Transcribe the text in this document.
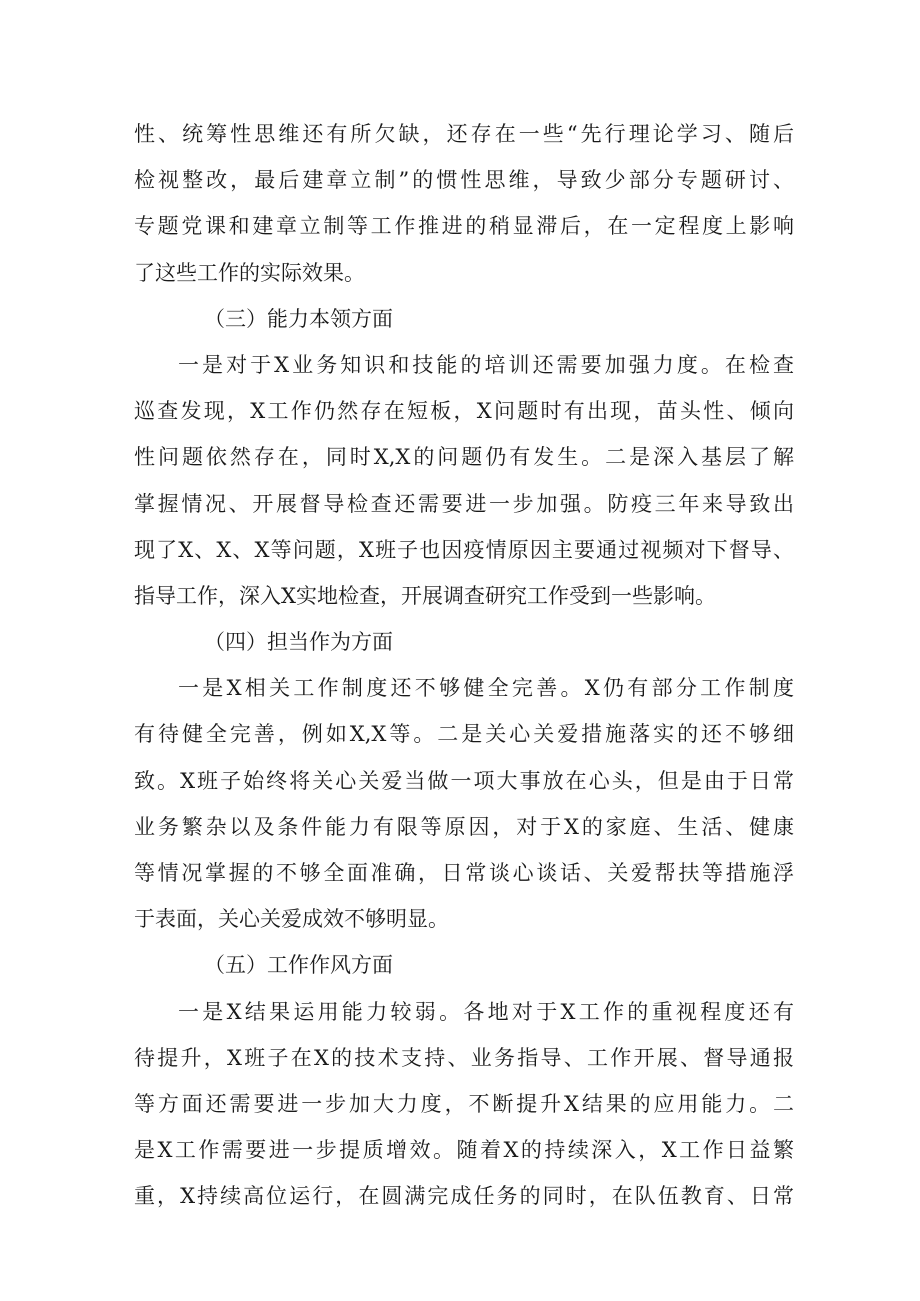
性、统筹性思维还有所欠缺，还存在一些“先行理论学习、随后
检视整改，最后建章立制”的惯性思维，导致少部分专题研讨、
专题党课和建章立制等工作推进的稍显滞后，在一定程度上影响
了这些工作的实际效果。
（三）能力本领方面
一是对于X业务知识和技能的培训还需要加强力度。在检查
巡查发现，X工作仍然存在短板，X问题时有出现，苗头性、倾向
性问题依然存在，同时X,X的问题仍有发生。二是深入基层了解
掌握情况、开展督导检查还需要进一步加强。防疫三年来导致出
现了X、X、X等问题，X班子也因疫情原因主要通过视频对下督导、
指导工作，深入X实地检查，开展调查研究工作受到一些影响。
（四）担当作为方面
一是X相关工作制度还不够健全完善。X仍有部分工作制度
有待健全完善，例如X,X等。二是关心关爱措施落实的还不够细
致。X班子始终将关心关爱当做一项大事放在心头，但是由于日常
业务繁杂以及条件能力有限等原因，对于X的家庭、生活、健康
等情况掌握的不够全面准确，日常谈心谈话、关爱帮扶等措施浮
于表面，关心关爱成效不够明显。
（五）工作作风方面
一是X结果运用能力较弱。各地对于X工作的重视程度还有
待提升，X班子在X的技术支持、业务指导、工作开展、督导通报
等方面还需要进一步加大力度，不断提升X结果的应用能力。二
是X工作需要进一步提质增效。随着X的持续深入，X工作日益繁
重，X持续高位运行，在圆满完成任务的同时，在队伍教育、日常
